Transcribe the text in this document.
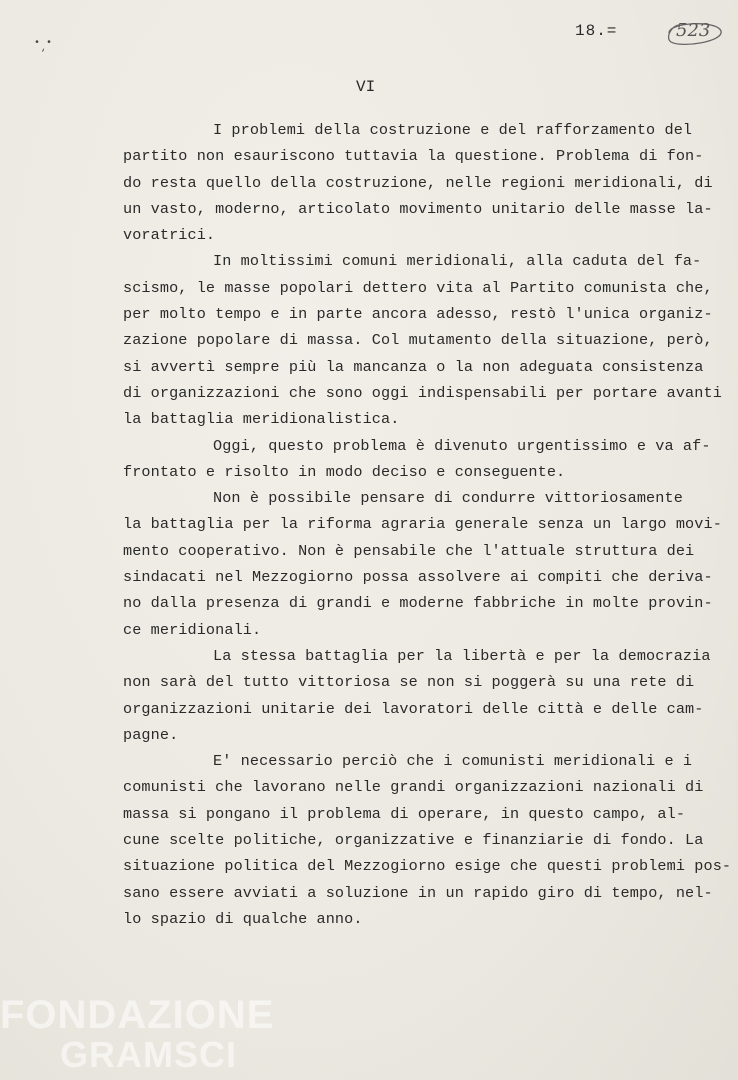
• •
‘
18.=	523
VI
I problemi della costruzione e del rafforzamento del
partito non esauriscono tuttavia la questione. Problema di fon-
do resta quello della costruzione, nelle regioni meridionali, di
un vasto, moderno, articolato movimento unitario delle masse la-
voratrici.
In moltissimi comuni meridionali, alla caduta del fa-
scismo, le masse popolari dettero vita al Partito comunista che,
per molto tempo e in parte ancora adesso, restò l'unica organiz-
zazione popolare di massa. Col mutamento della situazione, però,
si avvertì sempre più la mancanza o la non adeguata consistenza
di organizzazioni che sono oggi indispensabili per portare avanti
la battaglia meridionalistica.
Oggi, questo problema è divenuto urgentissimo e va af-
frontato e risolto in modo deciso e conseguente.
Non è possibile pensare di condurre vittoriosamente
la battaglia per la riforma agraria generale senza un largo movi-
mento cooperativo. Non è pensabile che l'attuale struttura dei
sindacati nel Mezzogiorno possa assolvere ai compiti che deriva-
no dalla presenza di grandi e moderne fabbriche in molte provin-
ce meridionali.
La stessa battaglia per la libertà e per la democrazia
non sarà del tutto vittoriosa se non si poggerà su una rete di
organizzazioni unitarie dei lavoratori delle città e delle cam-
pagne.
E' necessario perciò che i comunisti meridionali e i
comunisti che lavorano nelle grandi organizzazioni nazionali di
massa si pongano il problema di operare, in questo campo, al-
cune scelte politiche, organizzative e finanziarie di fondo. La
situazione politica del Mezzogiorno esige che questi problemi pos-
sano essere avviati a soluzione in un rapido giro di tempo, nel-
lo spazio di qualche anno.
FONDAZIONE
GRAMSCI
